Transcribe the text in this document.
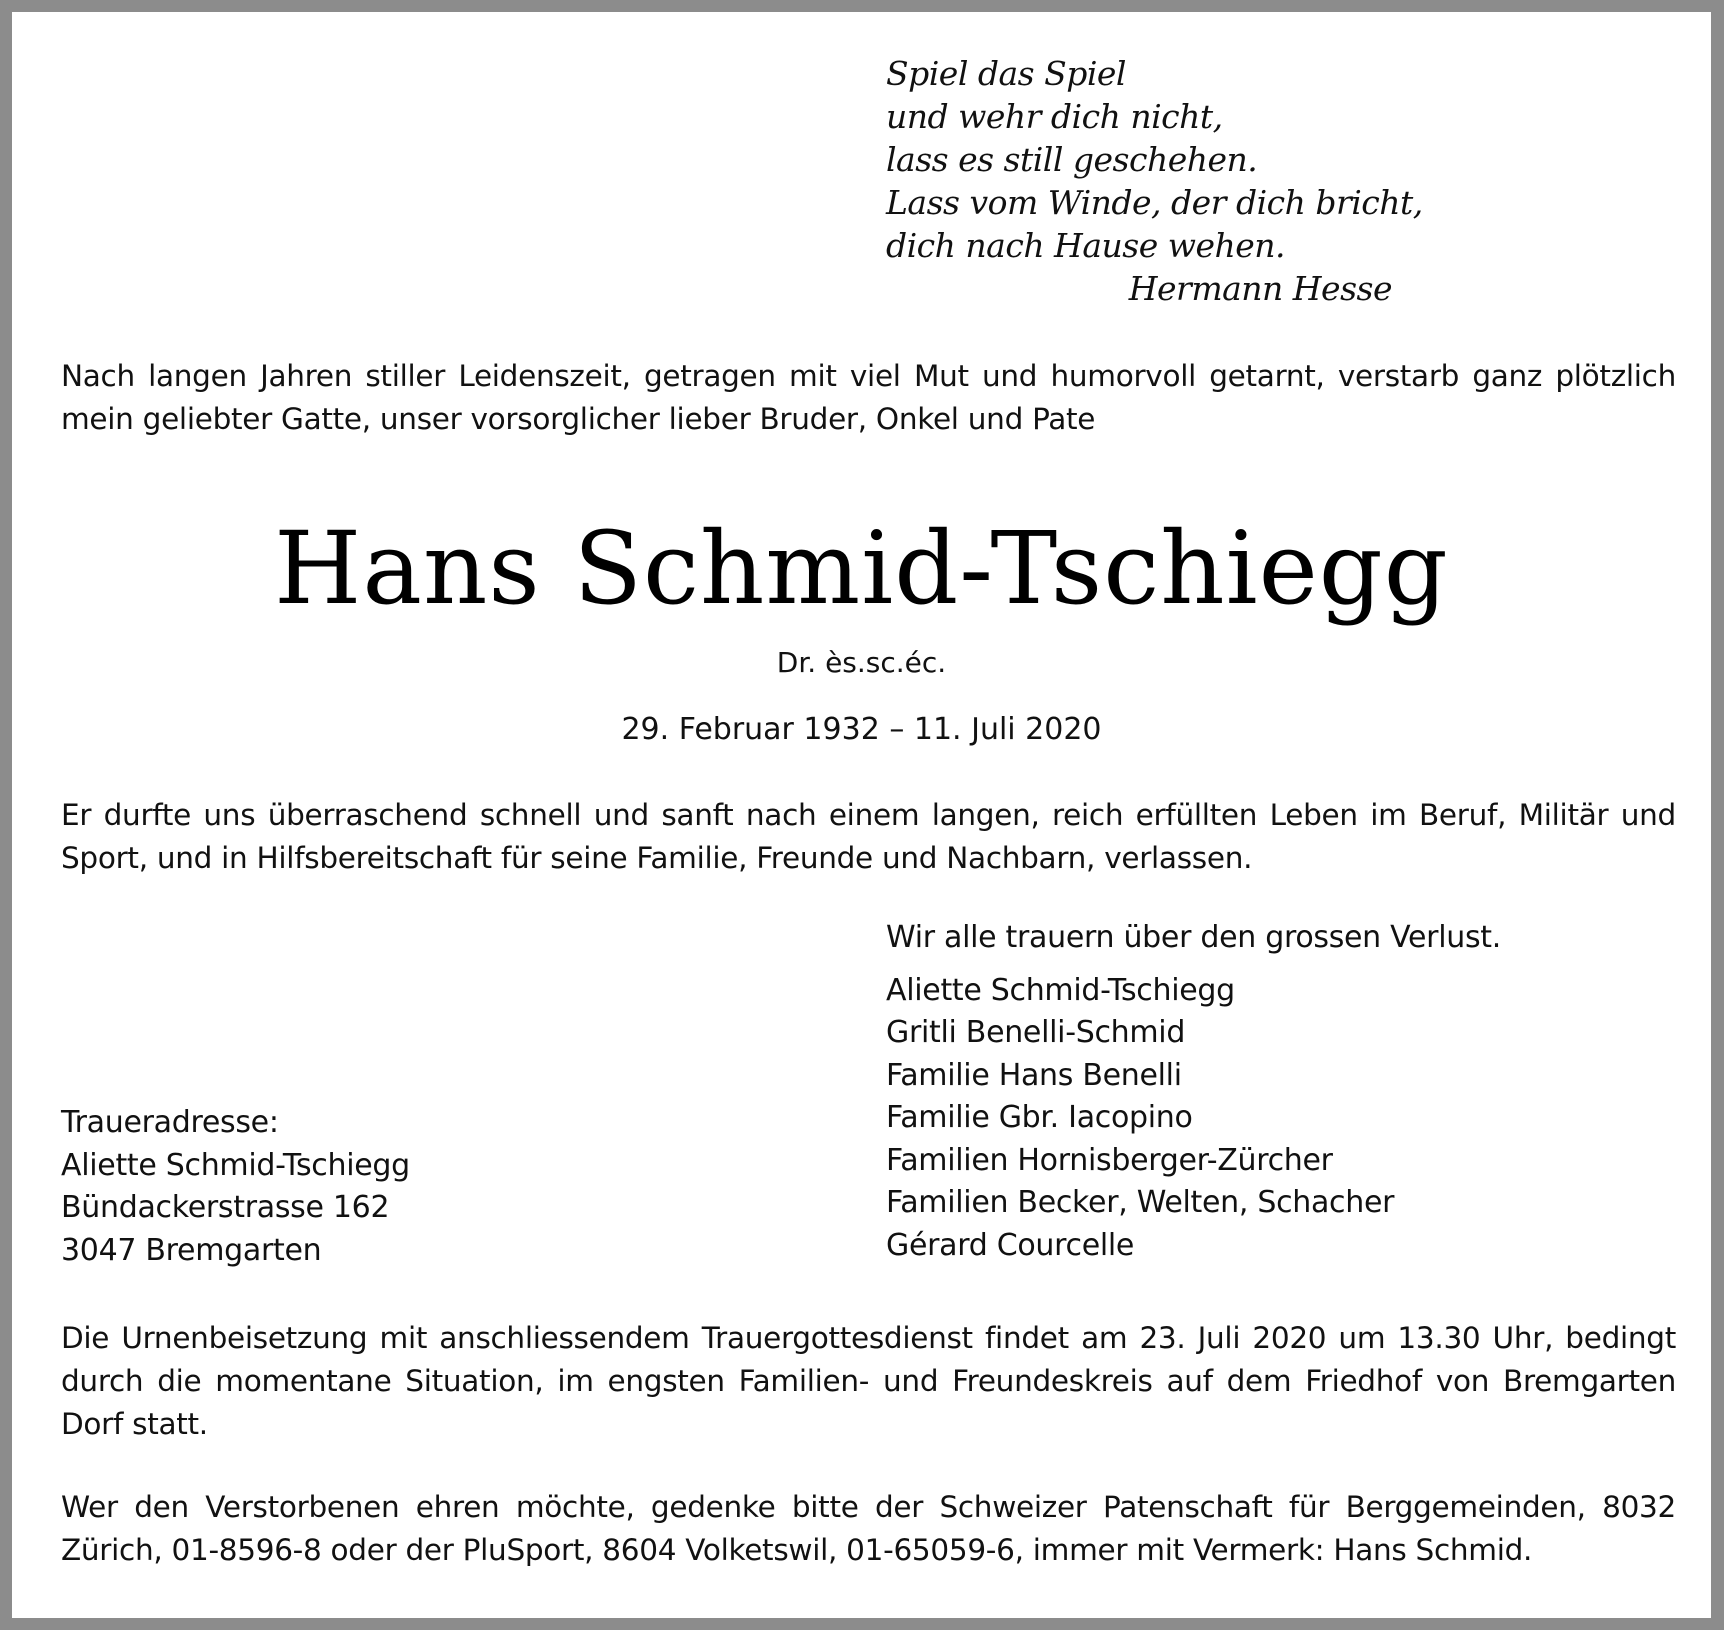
Spiel das Spiel
und wehr dich nicht,
lass es still geschehen.
Lass vom Winde, der dich bricht,
dich nach Hause wehen.
Hermann Hesse
Nach langen Jahren stiller Leidenszeit, getragen mit viel Mut und humorvoll getarnt, verstarb ganz plötzlich mein geliebter Gatte, unser vorsorglicher lieber Bruder, Onkel und Pate
Hans Schmid-Tschiegg
Dr. ès.sc.éc.
29. Februar 1932 – 11. Juli 2020
Er durfte uns überraschend schnell und sanft nach einem langen, reich erfüllten Leben im Beruf, Militär und Sport, und in Hilfsbereitschaft für seine Familie, Freunde und Nachbarn, verlassen.
Wir alle trauern über den grossen Verlust.
Aliette Schmid-Tschiegg
Gritli Benelli-Schmid
Familie Hans Benelli
Familie Gbr. Iacopino
Familien Hornisberger-Zürcher
Familien Becker, Welten, Schacher
Gérard Courcelle
Traueradresse:
Aliette Schmid-Tschiegg
Bündackerstrasse 162
3047 Bremgarten
Die Urnenbeisetzung mit anschliessendem Trauergottesdienst findet am 23. Juli 2020 um 13.30 Uhr, bedingt durch die momentane Situation, im engsten Familien- und Freundeskreis auf dem Friedhof von Bremgarten Dorf statt.
Wer den Verstorbenen ehren möchte, gedenke bitte der Schweizer Patenschaft für Berggemeinden, 8032 Zürich, 01-8596-8 oder der PluSport, 8604 Volketswil, 01-65059-6, immer mit Vermerk: Hans Schmid.
